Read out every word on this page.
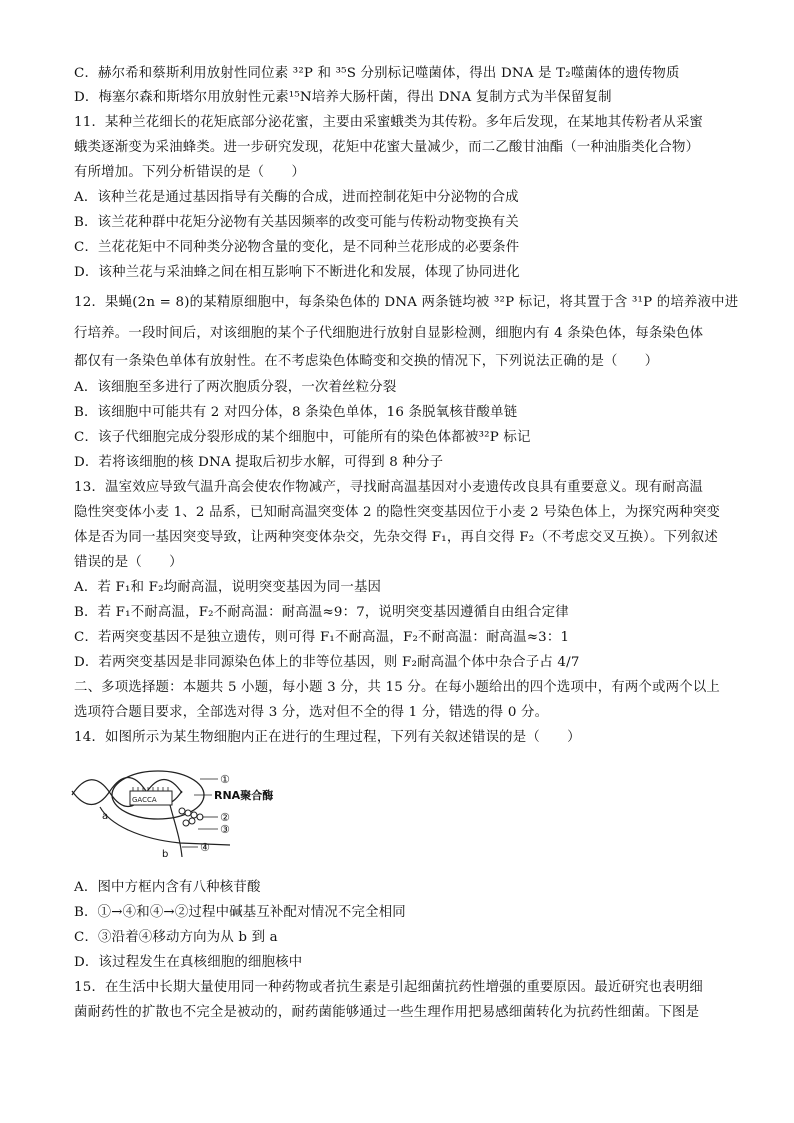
C．赫尔希和蔡斯利用放射性同位素 ³²P 和 ³⁵S 分别标记噬菌体，得出 DNA 是 T₂噬菌体的遗传物质
D．梅塞尔森和斯塔尔用放射性元素¹⁵N培养大肠杆菌，得出 DNA 复制方式为半保留复制
11．某种兰花细长的花矩底部分泌花蜜，主要由采蜜蛾类为其传粉。多年后发现，在某地其传粉者从采蜜
蛾类逐渐变为采油蜂类。进一步研究发现，花矩中花蜜大量减少，而二乙酸甘油酯（一种油脂类化合物）
有所增加。下列分析错误的是（　　）
A．该种兰花是通过基因指导有关酶的合成，进而控制花矩中分泌物的合成
B．该兰花种群中花矩分泌物有关基因频率的改变可能与传粉动物变换有关
C．兰花花矩中不同种类分泌物含量的变化，是不同种兰花形成的必要条件
D．该种兰花与采油蜂之间在相互影响下不断进化和发展，体现了协同进化
12．果蝇(2n = 8)的某精原细胞中，每条染色体的 DNA 两条链均被 ³²P 标记，将其置于含 ³¹P 的培养液中进
行培养。一段时间后，对该细胞的某个子代细胞进行放射自显影检测，细胞内有 4 条染色体，每条染色体
都仅有一条染色单体有放射性。在不考虑染色体畸变和交换的情况下，下列说法正确的是（　　）
A．该细胞至多进行了两次胞质分裂，一次着丝粒分裂
B．该细胞中可能共有 2 对四分体，8 条染色单体，16 条脱氧核苷酸单链
C．该子代细胞完成分裂形成的某个细胞中，可能所有的染色体都被³²P 标记
D．若将该细胞的核 DNA 提取后初步水解，可得到 8 种分子
13．温室效应导致气温升高会使农作物减产，寻找耐高温基因对小麦遗传改良具有重要意义。现有耐高温
隐性突变体小麦 1、2 品系，已知耐高温突变体 2 的隐性突变基因位于小麦 2 号染色体上，为探究两种突变
体是否为同一基因突变导致，让两种突变体杂交，先杂交得 F₁，再自交得 F₂（不考虑交叉互换）。下列叙述
错误的是（　　）
A．若 F₁和 F₂均耐高温，说明突变基因为同一基因
B．若 F₁不耐高温，F₂不耐高温：耐高温≈9：7，说明突变基因遵循自由组合定律
C．若两突变基因不是独立遗传，则可得 F₁不耐高温，F₂不耐高温：耐高温≈3：1
D．若两突变基因是非同源染色体上的非等位基因，则 F₂耐高温个体中杂合子占 4/7
二、多项选择题：本题共 5 小题，每小题 3 分，共 15 分。在每小题给出的四个选项中，有两个或两个以上
选项符合题目要求，全部选对得 3 分，选对但不全的得 1 分，错选的得 0 分。
14．如图所示为某生物细胞内正在进行的生理过程，下列有关叙述错误的是（　　）
GACCA
①
RNA聚合酶
②
③
④
a
b
A．图中方框内含有八种核苷酸
B．①→④和④→②过程中碱基互补配对情况不完全相同
C．③沿着④移动方向为从 b 到 a
D．该过程发生在真核细胞的细胞核中
15．在生活中长期大量使用同一种药物或者抗生素是引起细菌抗药性增强的重要原因。最近研究也表明细
菌耐药性的扩散也不完全是被动的，耐药菌能够通过一些生理作用把易感细菌转化为抗药性细菌。下图是
